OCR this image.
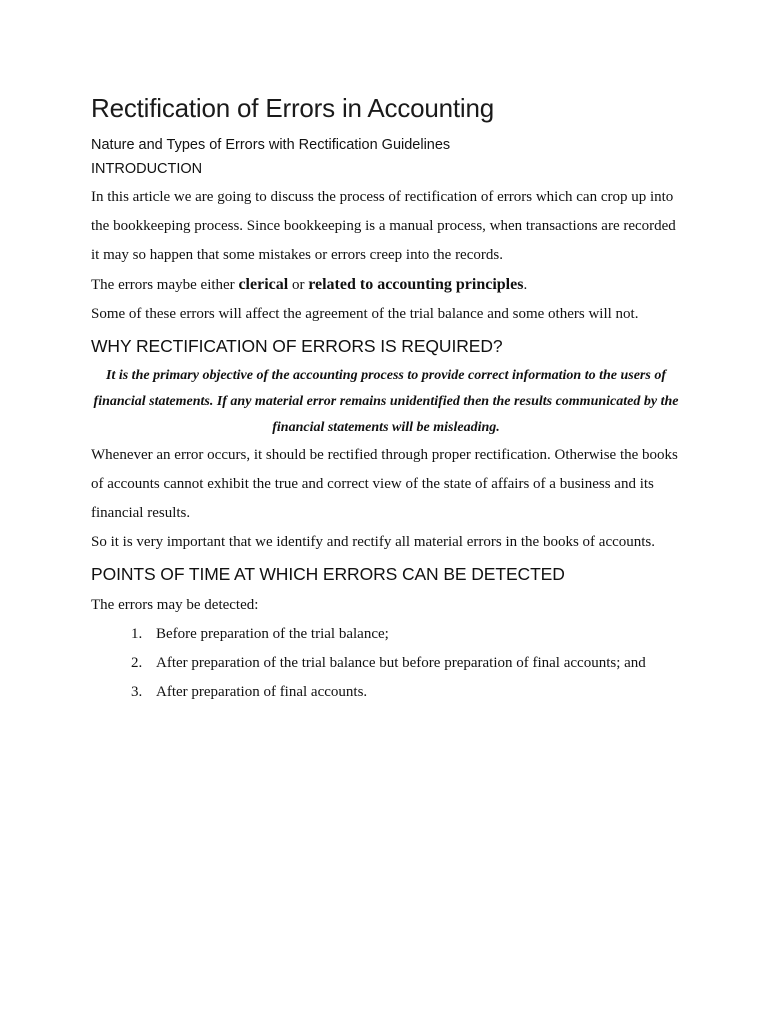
Rectification of Errors in Accounting
Nature and Types of Errors with Rectification Guidelines
INTRODUCTION

In this article we are going to discuss the process of rectification of errors which can crop up into the bookkeeping process. Since bookkeeping is a manual process, when transactions are recorded it may so happen that some mistakes or errors creep into the records.

The errors maybe either clerical or related to accounting principles.

Some of these errors will affect the agreement of the trial balance and some others will not.

WHY RECTIFICATION OF ERRORS IS REQUIRED?

It is the primary objective of the accounting process to provide correct information to the users of financial statements. If any material error remains unidentified then the results communicated by the financial statements will be misleading.

Whenever an error occurs, it should be rectified through proper rectification. Otherwise the books of accounts cannot exhibit the true and correct view of the state of affairs of a business and its financial results.

So it is very important that we identify and rectify all material errors in the books of accounts.

POINTS OF TIME AT WHICH ERRORS CAN BE DETECTED

The errors may be detected:

1. Before preparation of the trial balance;
2. After preparation of the trial balance but before preparation of final accounts; and
3. After preparation of final accounts.
